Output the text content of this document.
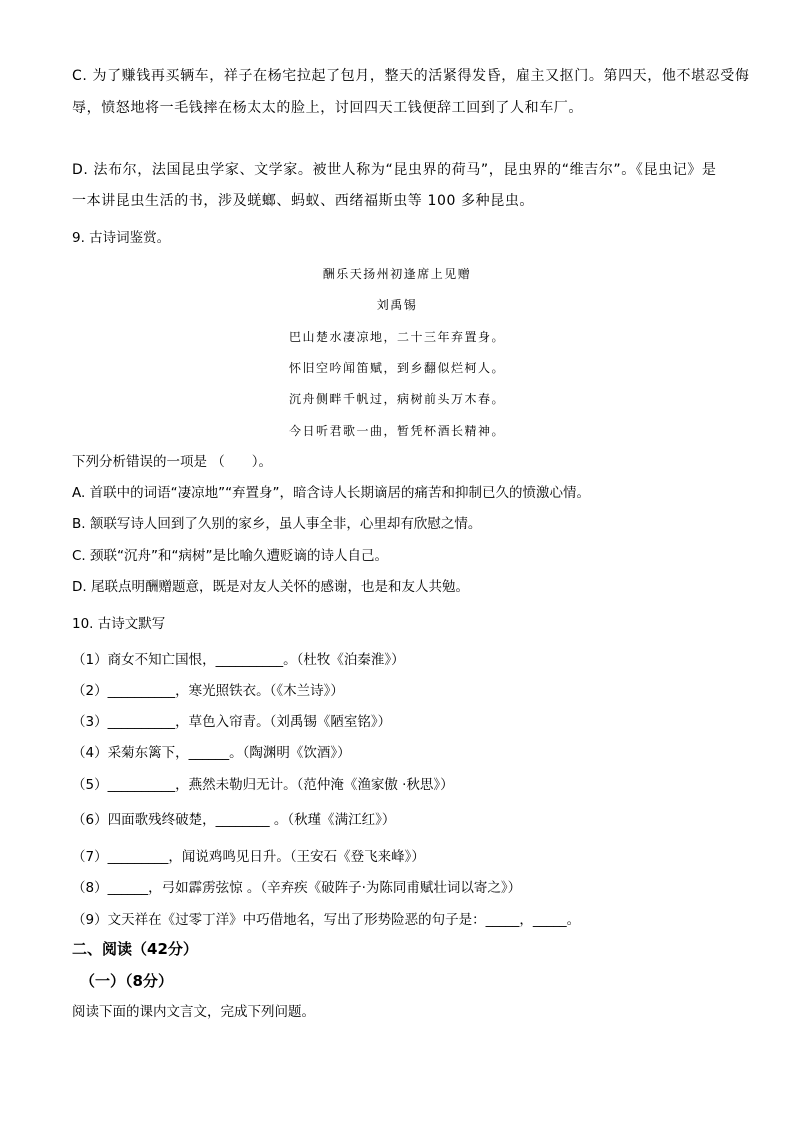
C. 为了赚钱再买辆车，祥子在杨宅拉起了包月，整天的活紧得发昏，雇主又抠门。第四天，他不堪忍受侮
辱，愤怒地将一毛钱摔在杨太太的脸上，讨回四天工钱便辞工回到了人和车厂。
D. 法布尔，法国昆虫学家、文学家。被世人称为“昆虫界的荷马”，昆虫界的“维吉尔”。《昆虫记》是
一本讲昆虫生活的书，涉及蜣螂、蚂蚁、西绪福斯虫等 100 多种昆虫。
9. 古诗词鉴赏。
酬乐天扬州初逢席上见赠
刘禹锡
巴山楚水凄凉地，二十三年弃置身。
怀旧空吟闻笛赋，到乡翻似烂柯人。
沉舟侧畔千帆过，病树前头万木春。
今日听君歌一曲，暂凭杯酒长精神。
下列分析错误的一项是 （　　）。
A. 首联中的词语“凄凉地”“弃置身”，暗含诗人长期谪居的痛苦和抑制已久的愤激心情。
B. 颔联写诗人回到了久别的家乡，虽人事全非，心里却有欣慰之情。
C. 颈联“沉舟”和“病树”是比喻久遭贬谪的诗人自己。
D. 尾联点明酬赠题意，既是对友人关怀的感谢，也是和友人共勉。
10. 古诗文默写
（1）商女不知亡国恨，__________。（杜牧《泊秦淮》）
（2）__________，寒光照铁衣。（《木兰诗》）
（3）__________，草色入帘青。（刘禹锡《陋室铭》）
（4）采菊东篱下，______。（陶渊明《饮酒》）
（5）__________，燕然未勒归无计。（范仲淹《渔家傲 ·秋思》）
（6）四面歌残终破楚，________ 。（秋瑾《满江红》）
（7）_________，闻说鸡鸣见日升。（王安石《登飞来峰》）
（8）______，弓如霹雳弦惊 。（辛弃疾《破阵子·为陈同甫赋壮词以寄之》）
（9）文天祥在《过零丁洋》中巧借地名，写出了形势险恶的句子是：_____，_____。
二、阅读（42分）
（一）（8分）
阅读下面的课内文言文，完成下列问题。
